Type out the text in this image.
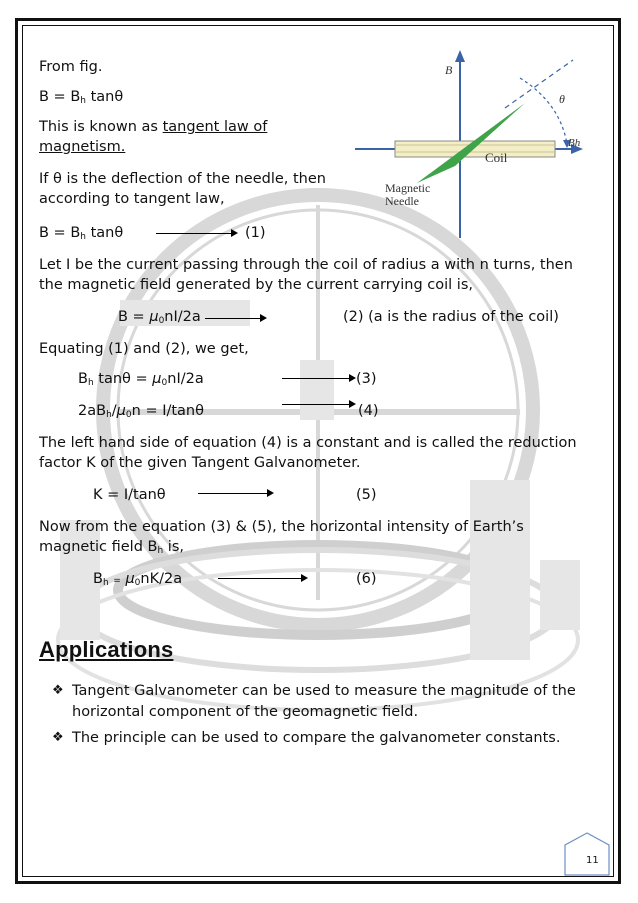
B
θ
Coil
Bh
Magnetic
Needle
From fig.
$B = B_h$ tanθ
This is known as tangent law of
magnetism.
If θ is the deflection of the needle, then
according to tangent law,
$B = B_h$ tanθ	(1)
Let I be the current passing through the coil of radius a with n turns, then
the magnetic field generated by the current carrying coil is,
$B = \mu_0nI/2a$	(2) (a is the radius of the coil)
Equating (1) and (2), we get,
$B_h$ $\tan\theta = \mu_0nI/2a$	(3)
$2aB_h/\mu_0n = I/\tan\theta$	(4)
The left hand side of equation (4) is a constant and is called the reduction
factor K of the given Tangent Galvanometer.
K = I/tanθ	(5)
Now from the equation (3) & (5), the horizontal intensity of Earth’s
magnetic field $B_h$ is,
$B_h = \mu_0nK/2a$	(6)
Applications
❖ Tangent Galvanometer can be used to measure the magnitude of the
horizontal component of the geomagnetic field.
❖ The principle can be used to compare the galvanometer constants.
11
